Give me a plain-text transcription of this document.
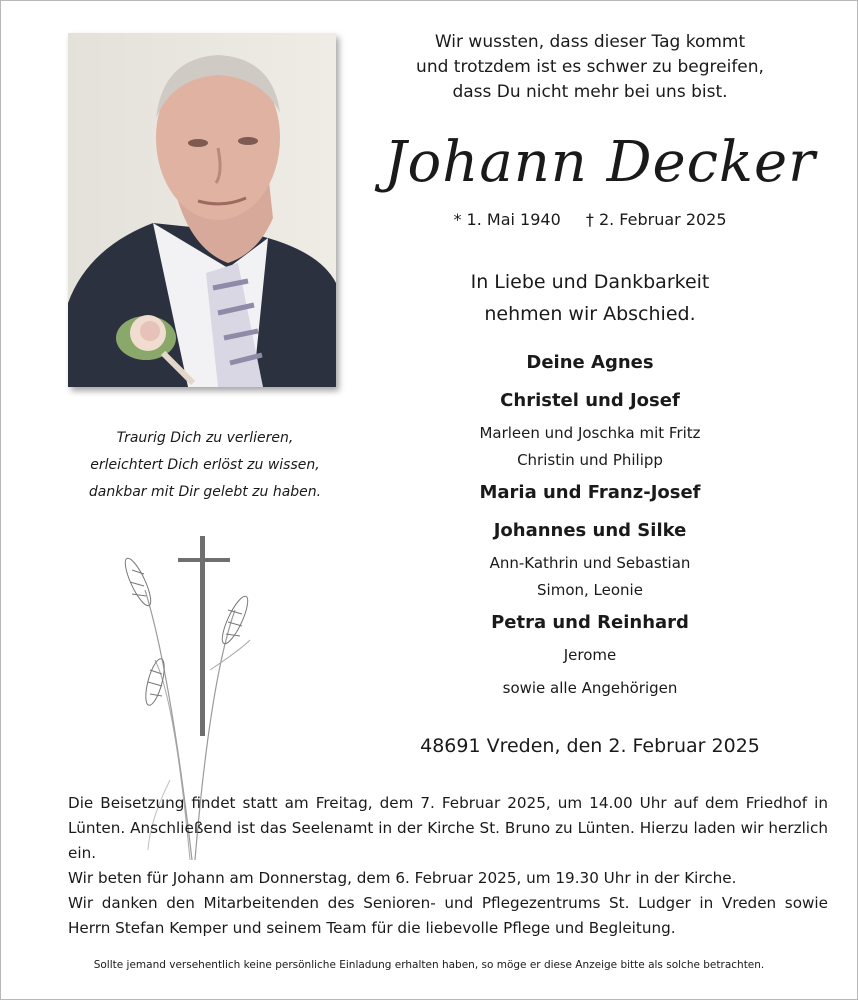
Wir wussten, dass dieser Tag kommt
und trotzdem ist es schwer zu begreifen,
dass Du nicht mehr bei uns bist.
Johann Decker
* 1. Mai 1940 † 2. Februar 2025
In Liebe und Dankbarkeit
nehmen wir Abschied.
Deine Agnes
Christel und Josef
Marleen und Joschka mit Fritz
Christin und Philipp
Maria und Franz-Josef
Johannes und Silke
Ann-Kathrin und Sebastian
Simon, Leonie
Petra und Reinhard
Jerome
sowie alle Angehörigen
48691 Vreden, den 2. Februar 2025
Traurig Dich zu verlieren,
erleichtert Dich erlöst zu wissen,
dankbar mit Dir gelebt zu haben.

Die Beisetzung findet statt am Freitag, dem 7. Februar 2025, um 14.00 Uhr auf dem Friedhof in Lünten. Anschließend ist das Seelenamt in der Kirche St. Bruno zu Lünten. Hierzu laden wir herzlich ein.

Wir beten für Johann am Donnerstag, dem 6. Februar 2025, um 19.30 Uhr in der Kirche.

Wir danken den Mitarbeitenden des Senioren- und Pflegezentrums St. Ludger in Vreden sowie Herrn Stefan Kemper und seinem Team für die liebevolle Pflege und Begleitung.

Sollte jemand versehentlich keine persönliche Einladung erhalten haben, so möge er diese Anzeige bitte als solche betrachten.
